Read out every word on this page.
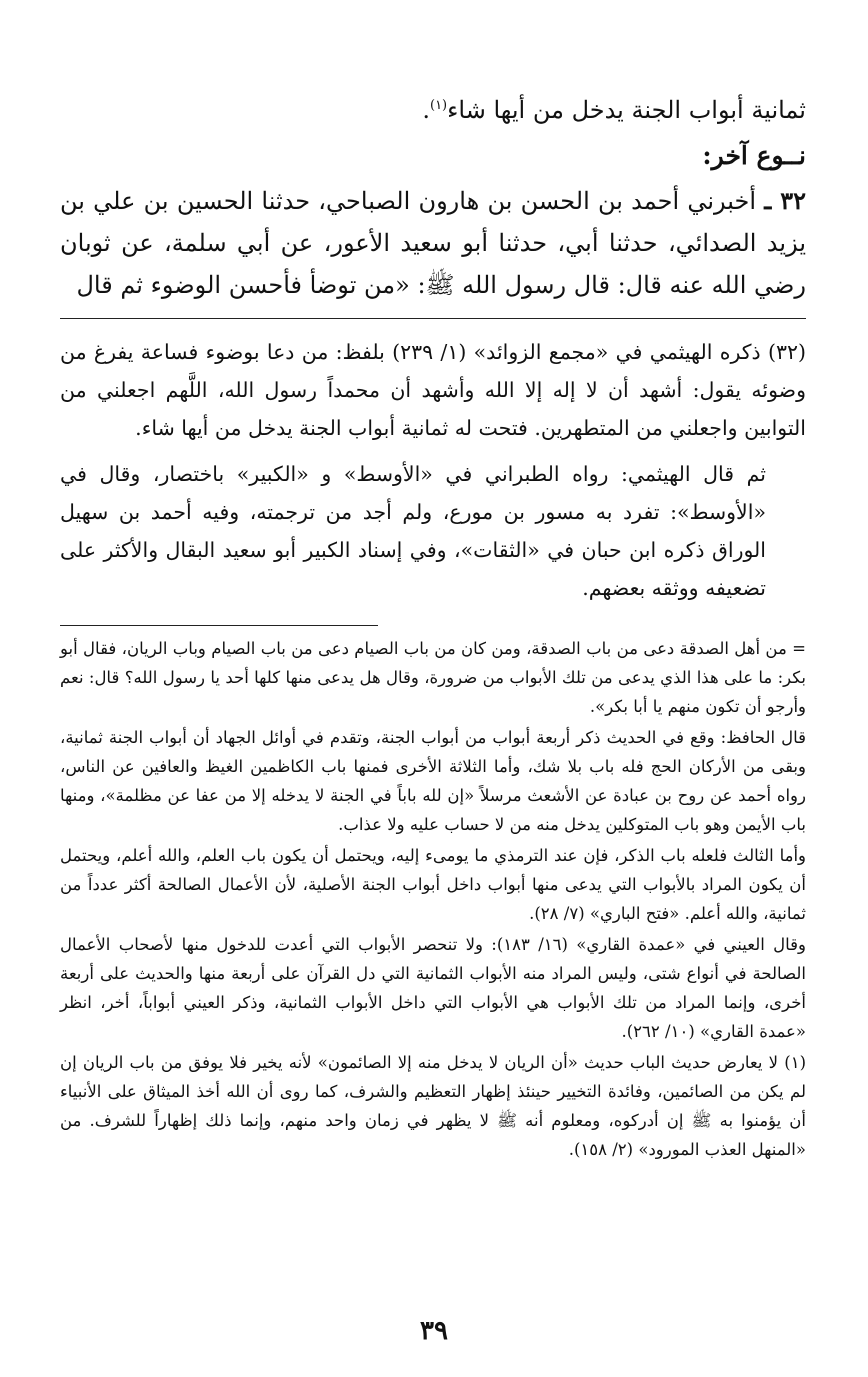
ثمانية أبواب الجنة يدخل من أيها شاء$^{(١)}$.

نــوع آخر:

٣٢ ـ أخبرني أحمد بن الحسن بن هارون الصباحي، حدثنا الحسين بن علي بن يزيد الصدائي، حدثنا أبي، حدثنا أبو سعيد الأعور، عن أبي سلمة، عن ثوبان رضي الله عنه قال: قال رسول الله ﷺ: «من توضأ فأحسن الوضوء ثم قال

(٣٢) ذكره الهيثمي في «مجمع الزوائد» (١/ ٢٣٩) بلفظ: من دعا بوضوء فساعة يفرغ من وضوئه يقول: أشهد أن لا إله إلا الله وأشهد أن محمداً رسول الله، اللَّهم اجعلني من التوابين واجعلني من المتطهرين. فتحت له ثمانية أبواب الجنة يدخل من أيها شاء.

ثم قال الهيثمي: رواه الطبراني في «الأوسط» و «الكبير» باختصار، وقال في «الأوسط»: تفرد به مسور بن مورع، ولم أجد من ترجمته، وفيه أحمد بن سهيل الوراق ذكره ابن حبان في «الثقات»، وفي إسناد الكبير أبو سعيد البقال والأكثر على تضعيفه ووثقه بعضهم.

= من أهل الصدقة دعى من باب الصدقة، ومن كان من باب الصيام دعى من باب الصيام وباب الريان، فقال أبو بكر: ما على هذا الذي يدعى من تلك الأبواب من ضرورة، وقال هل يدعى منها كلها أحد يا رسول الله؟ قال: نعم وأرجو أن تكون منهم يا أبا بكر».

قال الحافظ: وقع في الحديث ذكر أربعة أبواب من أبواب الجنة، وتقدم في أوائل الجهاد أن أبواب الجنة ثمانية، وبقى من الأركان الحج فله باب بلا شك، وأما الثلاثة الأخرى فمنها باب الكاظمين الغيظ والعافين عن الناس، رواه أحمد عن روح بن عبادة عن الأشعث مرسلاً «إن لله باباً في الجنة لا يدخله إلا من عفا عن مظلمة»، ومنها باب الأيمن وهو باب المتوكلين يدخل منه من لا حساب عليه ولا عذاب.

وأما الثالث فلعله باب الذكر، فإن عند الترمذي ما يومىء إليه، ويحتمل أن يكون باب العلم، والله أعلم، ويحتمل أن يكون المراد بالأبواب التي يدعى منها أبواب داخل أبواب الجنة الأصلية، لأن الأعمال الصالحة أكثر عدداً من ثمانية، والله أعلم. «فتح الباري» (٧/ ٢٨).

وقال العيني في «عمدة القاري» (١٦/ ١٨٣): ولا تنحصر الأبواب التي أعدت للدخول منها لأصحاب الأعمال الصالحة في أنواع شتى، وليس المراد منه الأبواب الثمانية التي دل القرآن على أربعة منها والحديث على أربعة أخرى، وإنما المراد من تلك الأبواب هي الأبواب التي داخل الأبواب الثمانية، وذكر العيني أبواباً، أخر، انظر «عمدة القاري» (١٠/ ٢٦٢).

(١) لا يعارض حديث الباب حديث «أن الريان لا يدخل منه إلا الصائمون» لأنه يخير فلا يوفق من باب الريان إن لم يكن من الصائمين، وفائدة التخيير حينئذ إظهار التعظيم والشرف، كما روى أن الله أخذ الميثاق على الأنبياء أن يؤمنوا به ﷺ إن أدركوه، ومعلوم أنه ﷺ لا يظهر في زمان واحد منهم، وإنما ذلك إظهاراً للشرف. من «المنهل العذب المورود» (٢/ ١٥٨).

٣٩
